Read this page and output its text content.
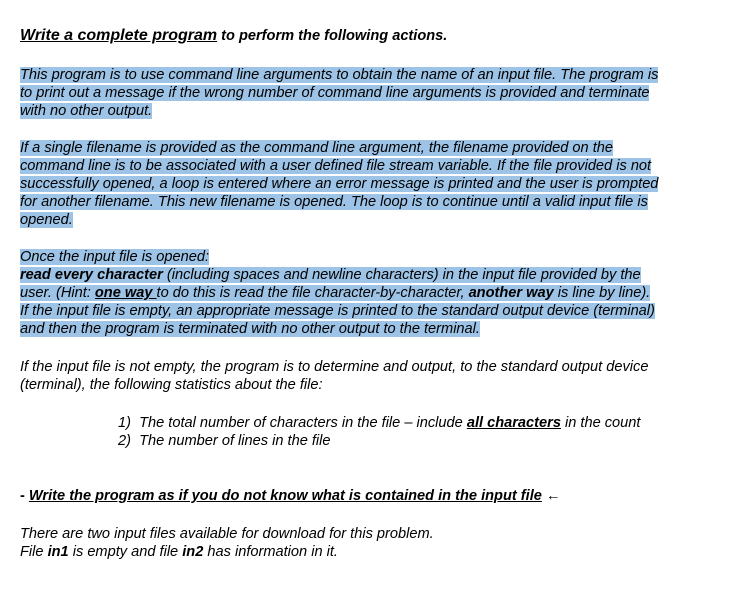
Write a complete program to perform the following actions.
This program is to use command line arguments to obtain the name of an input file. The program is
to print out a message if the wrong number of command line arguments is provided and terminate
with no other output.
If a single filename is provided as the command line argument, the filename provided on the
command line is to be associated with a user defined file stream variable. If the file provided is not
successfully opened, a loop is entered where an error message is printed and the user is prompted
for another filename. This new filename is opened. The loop is to continue until a valid input file is
opened.
Once the input file is opened:
read every character (including spaces and newline characters) in the input file provided by the
user. (Hint: one way to do this is read the file character-by-character, another way is line by line).
If the input file is empty, an appropriate message is printed to the standard output device (terminal)
and then the program is terminated with no other output to the terminal.
If the input file is not empty, the program is to determine and output, to the standard output device
(terminal), the following statistics about the file:
1) The total number of characters in the file – include all characters in the count
2) The number of lines in the file
- Write the program as if you do not know what is contained in the input file ←
There are two input files available for download for this problem.
File in1 is empty and file in2 has information in it.
